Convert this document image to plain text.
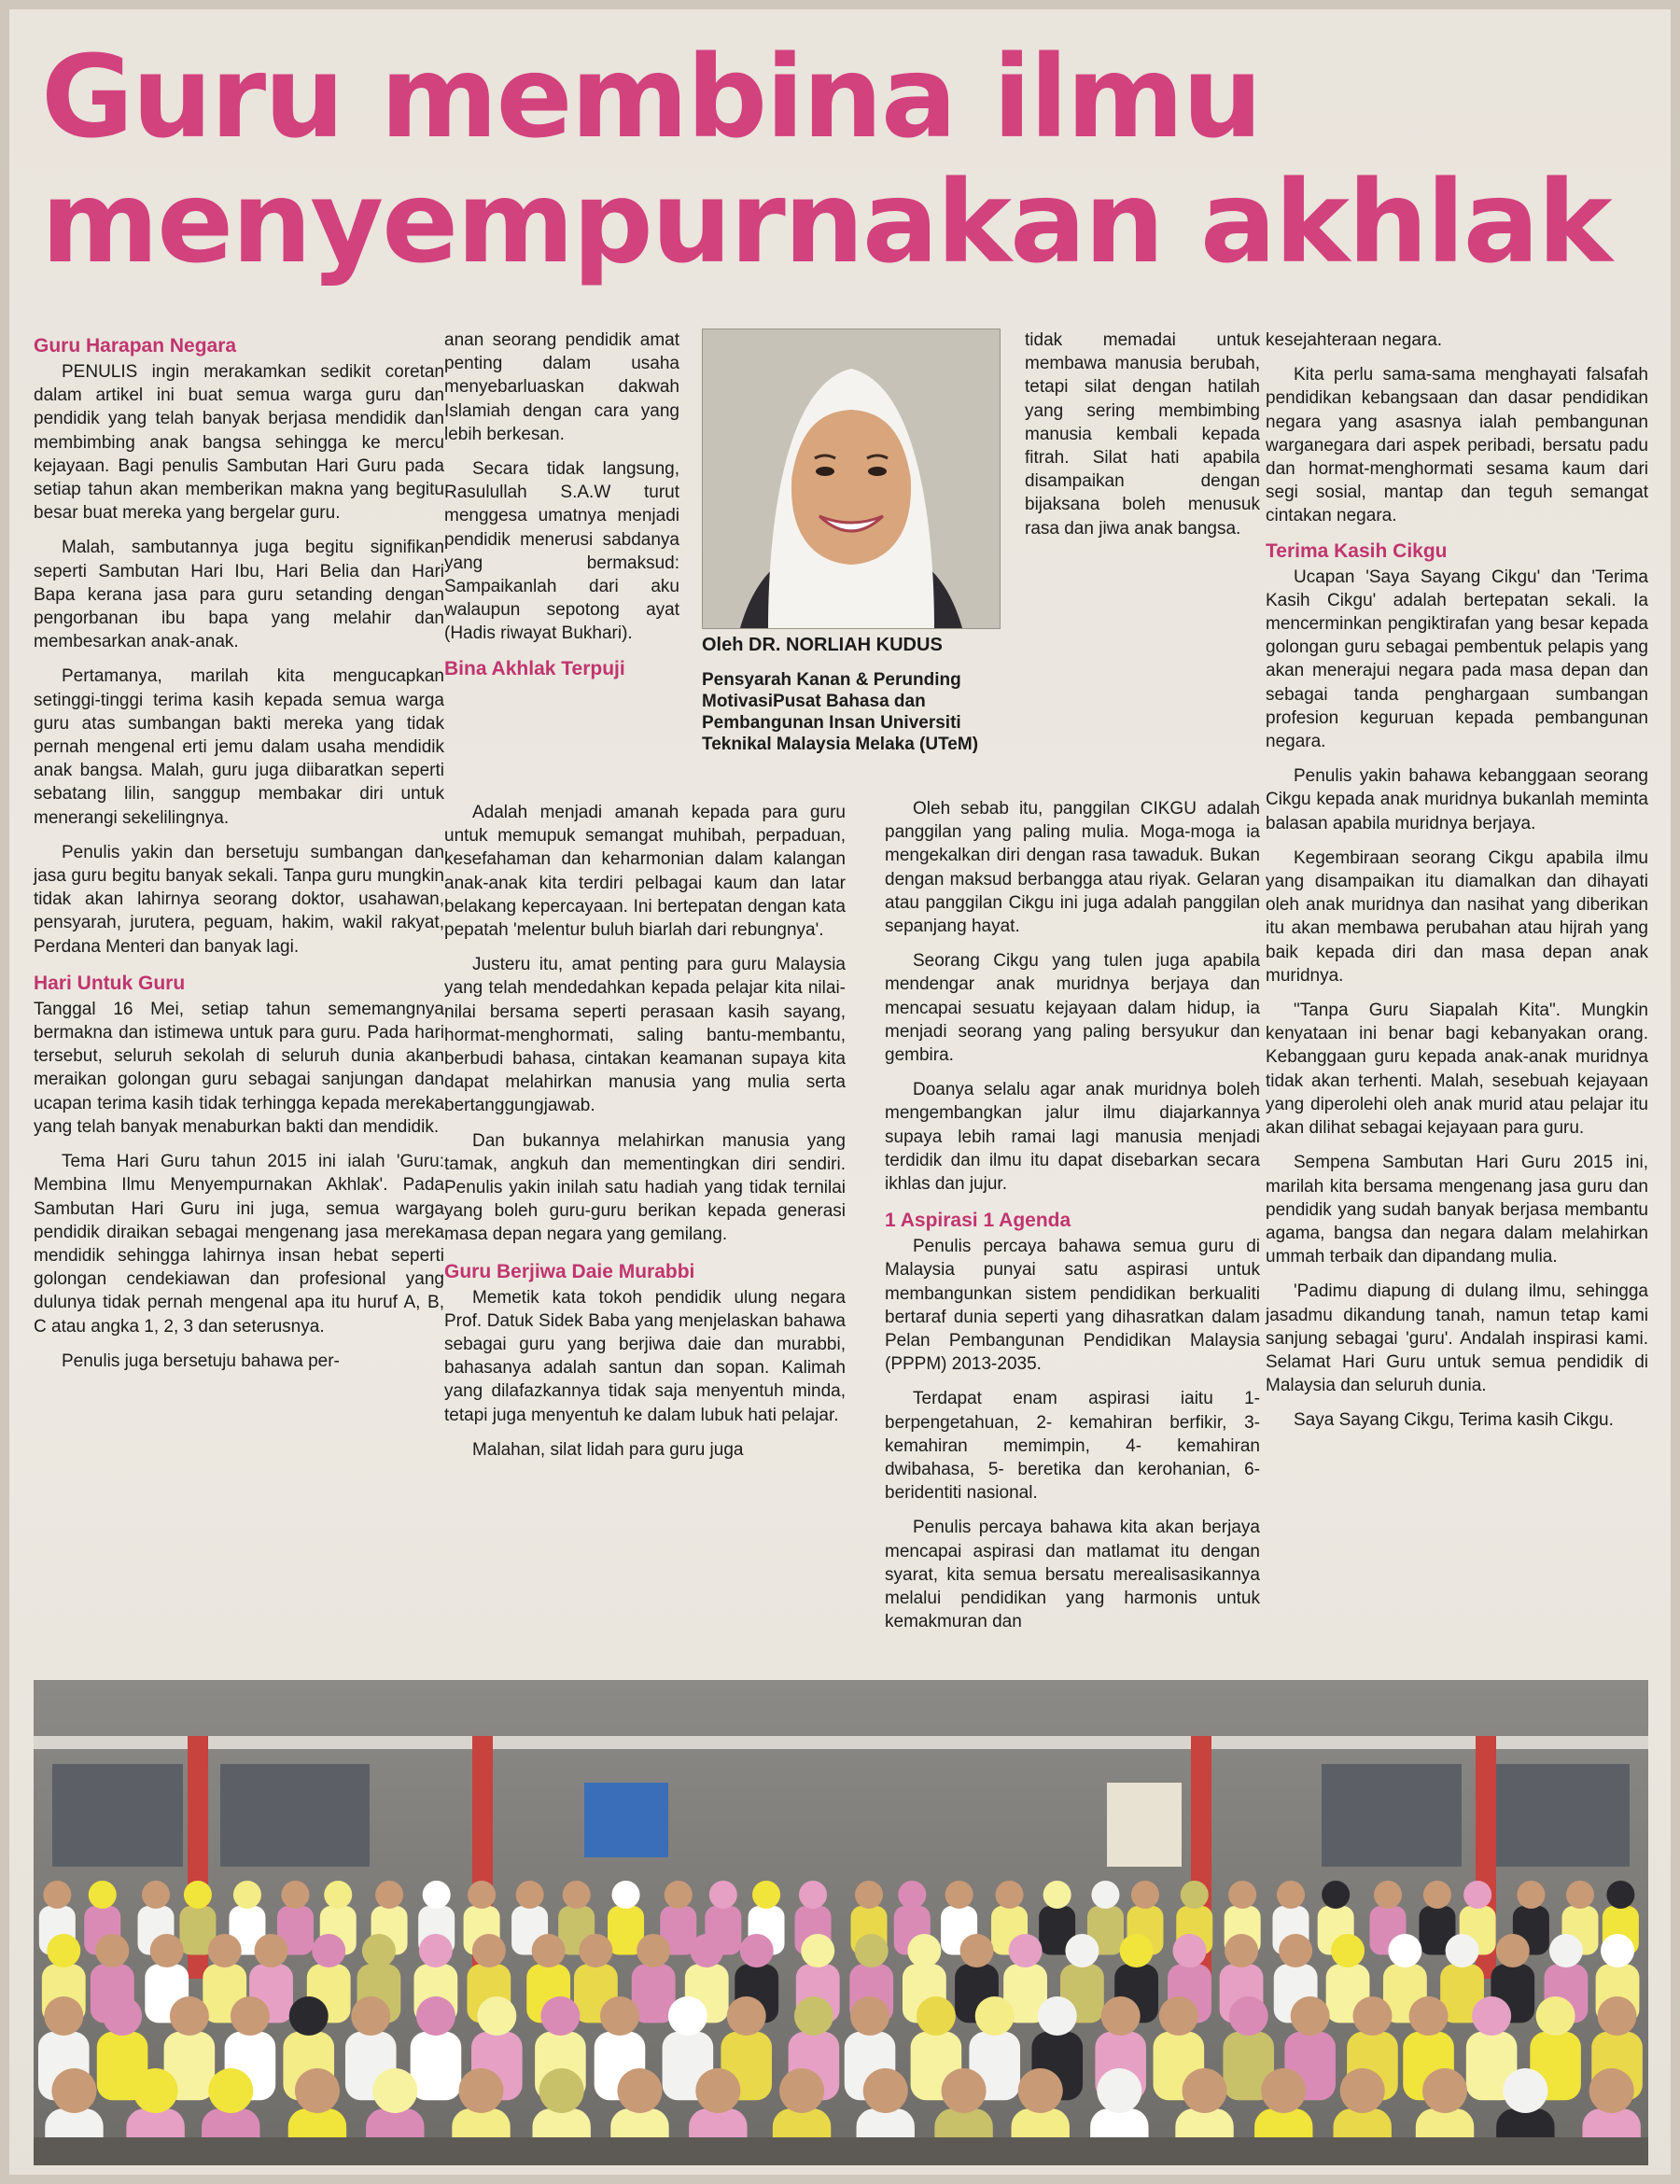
Guru membina ilmu
menyempurnakan akhlak
Guru Harapan Negara

PENULIS ingin merakamkan sedikit coretan dalam artikel ini buat semua warga guru dan pendidik yang telah banyak berjasa mendidik dan membimbing anak bangsa sehingga ke mercu kejayaan. Bagi penulis Sambutan Hari Guru pada setiap tahun akan memberikan makna yang begitu besar buat mereka yang bergelar guru.

Malah, sambutannya juga begitu signifikan seperti Sambutan Hari Ibu, Hari Belia dan Hari Bapa kerana jasa para guru setanding dengan pengorbanan ibu bapa yang melahir dan membesarkan anak-anak.

Pertamanya, marilah kita mengucapkan setinggi-tinggi terima kasih kepada semua warga guru atas sumbangan bakti mereka yang tidak pernah mengenal erti jemu dalam usaha mendidik anak bangsa. Malah, guru juga diibaratkan seperti sebatang lilin, sanggup membakar diri untuk menerangi sekelilingnya.

Penulis yakin dan bersetuju sumbangan dan jasa guru begitu banyak sekali. Tanpa guru mungkin tidak akan lahirnya seorang doktor, usahawan, pensyarah, jurutera, peguam, hakim, wakil rakyat, Perdana Menteri dan banyak lagi.

Hari Untuk Guru

Tanggal 16 Mei, setiap tahun sememangnya bermakna dan istimewa untuk para guru. Pada hari tersebut, seluruh sekolah di seluruh dunia akan meraikan golongan guru sebagai sanjungan dan ucapan terima kasih tidak terhingga kepada mereka yang telah banyak menaburkan bakti dan mendidik.

Tema Hari Guru tahun 2015 ini ialah 'Guru: Membina Ilmu Menyempurnakan Akhlak'. Pada Sambutan Hari Guru ini juga, semua warga pendidik diraikan sebagai mengenang jasa mereka mendidik sehingga lahirnya insan hebat seperti golongan cendekiawan dan profesional yang dulunya tidak pernah mengenal apa itu huruf A, B, C atau angka 1, 2, 3 dan seterusnya.

Penulis juga bersetuju bahawa per-

anan seorang pendidik amat penting dalam usaha menyebarluaskan dakwah Islamiah dengan cara yang lebih berkesan.

Secara tidak langsung, Rasulullah S.A.W turut menggesa umatnya menjadi pendidik menerusi sabdanya yang bermaksud: Sampaikanlah dari aku walaupun sepotong ayat (Hadis riwayat Bukhari).

Bina Akhlak Terpuji

Adalah menjadi amanah kepada para guru untuk memupuk semangat muhibah, perpaduan, kesefahaman dan keharmonian dalam kalangan anak-anak kita terdiri pelbagai kaum dan latar belakang kepercayaan. Ini bertepatan dengan kata pepatah 'melentur buluh biarlah dari rebungnya'.

Justeru itu, amat penting para guru Malaysia yang telah mendedahkan kepada pelajar kita nilai-nilai bersama seperti perasaan kasih sayang, hormat-menghormati, saling bantu-membantu, berbudi bahasa, cintakan keamanan supaya kita dapat melahirkan manusia yang mulia serta bertanggungjawab.

Dan bukannya melahirkan manusia yang tamak, angkuh dan mementingkan diri sendiri. Penulis yakin inilah satu hadiah yang tidak ternilai yang boleh guru-guru berikan kepada generasi masa depan negara yang gemilang.

Guru Berjiwa Daie Murabbi

Memetik kata tokoh pendidik ulung negara Prof. Datuk Sidek Baba yang menjelaskan bahawa sebagai guru yang berjiwa daie dan murabbi, bahasanya adalah santun dan sopan. Kalimah yang dilafazkannya tidak saja menyentuh minda, tetapi juga menyentuh ke dalam lubuk hati pelajar.

Malahan, silat lidah para guru juga

Oleh DR. NORLIAH KUDUS

Pensyarah Kanan & Perunding MotivasiPusat Bahasa dan Pembangunan Insan Universiti Teknikal Malaysia Melaka (UTeM)

tidak memadai untuk membawa manusia berubah, tetapi silat dengan hatilah yang sering membimbing manusia kembali kepada fitrah. Silat hati apabila disampaikan dengan bijaksana boleh menusuk rasa dan jiwa anak bangsa.

Oleh sebab itu, panggilan CIKGU adalah panggilan yang paling mulia. Moga-moga ia mengekalkan diri dengan rasa tawaduk. Bukan dengan maksud berbangga atau riyak. Gelaran atau panggilan Cikgu ini juga adalah panggilan sepanjang hayat.

Seorang Cikgu yang tulen juga apabila mendengar anak muridnya berjaya dan mencapai sesuatu kejayaan dalam hidup, ia menjadi seorang yang paling bersyukur dan gembira.

Doanya selalu agar anak muridnya boleh mengembangkan jalur ilmu diajarkannya supaya lebih ramai lagi manusia menjadi terdidik dan ilmu itu dapat disebarkan secara ikhlas dan jujur.

1 Aspirasi 1 Agenda

Penulis percaya bahawa semua guru di Malaysia punyai satu aspirasi untuk membangunkan sistem pendidikan berkualiti bertaraf dunia seperti yang dihasratkan dalam Pelan Pembangunan Pendidikan Malaysia (PPPM) 2013-2035.

Terdapat enam aspirasi iaitu 1- berpengetahuan, 2- kemahiran berfikir, 3- kemahiran memimpin, 4- kemahiran dwibahasa, 5- beretika dan kerohanian, 6- beridentiti nasional.

Penulis percaya bahawa kita akan berjaya mencapai aspirasi dan matlamat itu dengan syarat, kita semua bersatu merealisasikannya melalui pendidikan yang harmonis untuk kemakmuran dan

kesejahteraan negara.

Kita perlu sama-sama menghayati falsafah pendidikan kebangsaan dan dasar pendidikan negara yang asasnya ialah pembangunan warganegara dari aspek peribadi, bersatu padu dan hormat-menghormati sesama kaum dari segi sosial, mantap dan teguh semangat cintakan negara.

Terima Kasih Cikgu

Ucapan 'Saya Sayang Cikgu' dan 'Terima Kasih Cikgu' adalah bertepatan sekali. Ia mencerminkan pengiktirafan yang besar kepada golongan guru sebagai pembentuk pelapis yang akan menerajui negara pada masa depan dan sebagai tanda penghargaan sumbangan profesion keguruan kepada pembangunan negara.

Penulis yakin bahawa kebanggaan seorang Cikgu kepada anak muridnya bukanlah meminta balasan apabila muridnya berjaya.

Kegembiraan seorang Cikgu apabila ilmu yang disampaikan itu diamalkan dan dihayati oleh anak muridnya dan nasihat yang diberikan itu akan membawa perubahan atau hijrah yang baik kepada diri dan masa depan anak muridnya.

"Tanpa Guru Siapalah Kita". Mungkin kenyataan ini benar bagi kebanyakan orang. Kebanggaan guru kepada anak-anak muridnya tidak akan terhenti. Malah, sesebuah kejayaan yang diperolehi oleh anak murid atau pelajar itu akan dilihat sebagai kejayaan para guru.

Sempena Sambutan Hari Guru 2015 ini, marilah kita bersama mengenang jasa guru dan pendidik yang sudah banyak berjasa membantu agama, bangsa dan negara dalam melahirkan ummah terbaik dan dipandang mulia.

'Padimu diapung di dulang ilmu, sehingga jasadmu dikandung tanah, namun tetap kami sanjung sebagai 'guru'. Andalah inspirasi kami. Selamat Hari Guru untuk semua pendidik di Malaysia dan seluruh dunia.

Saya Sayang Cikgu, Terima kasih Cikgu.
